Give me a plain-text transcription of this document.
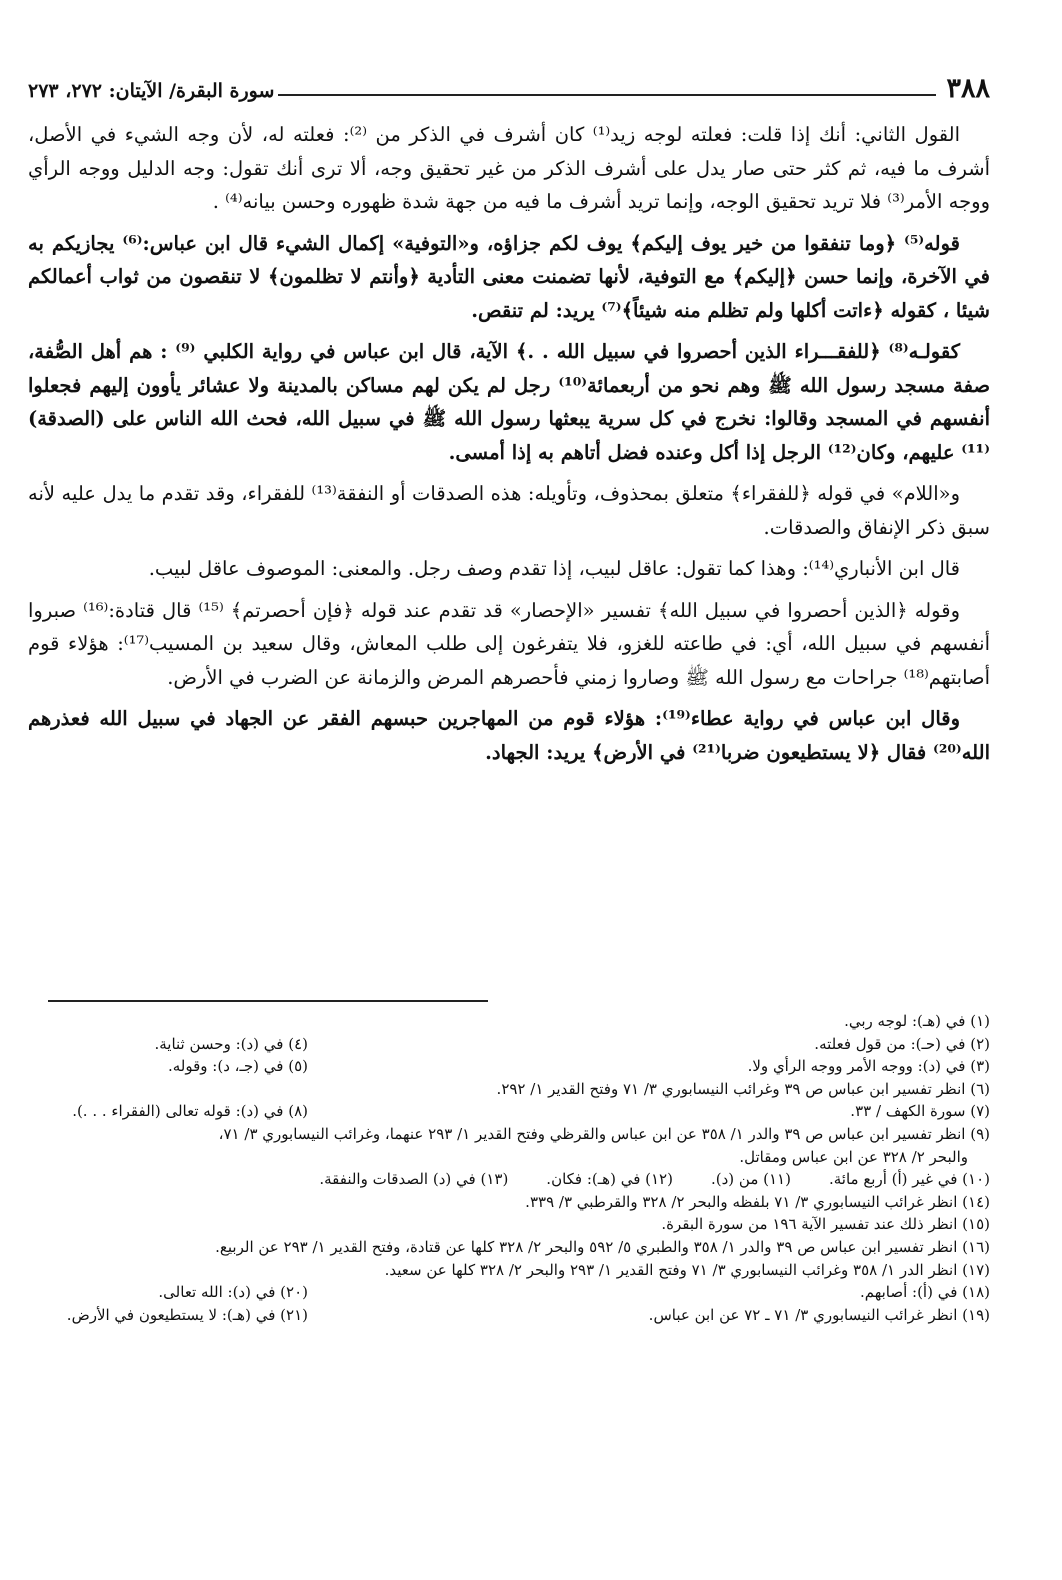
٣٨٨
سورة البقرة/ الآيتان: ٢٧٢، ٢٧٣

القول الثاني: أنك إذا قلت: فعلته لوجه زيد⁽¹⁾ كان أشرف في الذكر من ⁽²⁾: فعلته له، لأن وجه الشيء في الأصل، أشرف ما فيه، ثم كثر حتى صار يدل على أشرف الذكر من غير تحقيق وجه، ألا ترى أنك تقول: وجه الدليل ووجه الرأي ووجه الأمر⁽³⁾ فلا تريد تحقيق الوجه، وإنما تريد أشرف ما فيه من جهة شدة ظهوره وحسن بيانه⁽⁴⁾ .

قوله⁽⁵⁾ ﴿وما تنفقوا من خير يوف إليكم﴾ يوف لكم جزاؤه، و«التوفية» إكمال الشيء قال ابن عباس:⁽⁶⁾ يجازيكم به في الآخرة، وإنما حسن ﴿إليكم﴾ مع التوفية، لأنها تضمنت معنى التأدية ﴿وأنتم لا تظلمون﴾ لا تنقصون من ثواب أعمالكم شيئا ، كقوله ﴿ءاتت أكلها ولم تظلم منه شيئاً﴾⁽⁷⁾ يريد: لم تنقص.

كقولـه⁽⁸⁾ ﴿للفقـــراء الذين أحصروا في سبيل الله . .﴾ الآية، قال ابن عباس في رواية الكلبي ⁽⁹⁾ : هم أهل الصُّفة، صفة مسجد رسول الله ﷺ وهم نحو من أربعمائة⁽¹⁰⁾ رجل لم يكن لهم مساكن بالمدينة ولا عشائر يأوون إليهم فجعلوا أنفسهم في المسجد وقالوا: نخرج في كل سرية يبعثها رسول الله ﷺ في سبيل الله، فحث الله الناس على (الصدقة)⁽¹¹⁾ عليهم، وكان⁽¹²⁾ الرجل إذا أكل وعنده فضل أتاهم به إذا أمسى.

و«اللام» في قوله ﴿للفقراء﴾ متعلق بمحذوف، وتأويله: هذه الصدقات أو النفقة⁽¹³⁾ للفقراء، وقد تقدم ما يدل عليه لأنه سبق ذكر الإنفاق والصدقات.

قال ابن الأنباري⁽¹⁴⁾: وهذا كما تقول: عاقل لبيب، إذا تقدم وصف رجل. والمعنى: الموصوف عاقل لبيب.

وقوله ﴿الذين أحصروا في سبيل الله﴾ تفسير «الإحصار» قد تقدم عند قوله ﴿فإن أحصرتم﴾ ⁽¹⁵⁾ قال قتادة:⁽¹⁶⁾ صبروا أنفسهم في سبيل الله، أي: في طاعته للغزو، فلا يتفرغون إلى طلب المعاش، وقال سعيد بن المسيب⁽¹⁷⁾: هؤلاء قوم أصابتهم⁽¹⁸⁾ جراحات مع رسول الله ﷺ وصاروا زمني فأحصرهم المرض والزمانة عن الضرب في الأرض.

وقال ابن عباس في رواية عطاء⁽¹⁹⁾: هؤلاء قوم من المهاجرين حبسهم الفقر عن الجهاد في سبيل الله فعذرهم الله⁽²⁰⁾ فقال ﴿لا يستطيعون ضربا⁽²¹⁾ في الأرض﴾ يريد: الجهاد.

(١) في (هـ): لوجه ربي.
(٢) في (حـ): من قول فعلته.
(٤) في (د): وحسن ثناية.
(٣) في (د): ووجه الأمر ووجه الرأي ولا.
(٥) في (جـ، د): وقوله.
(٦) انظر تفسير ابن عباس ص ٣٩ وغرائب النيسابوري ٣/ ٧١ وفتح القدير ١/ ٢٩٢.
(٧) سورة الكهف / ٣٣.
(٨) في (د): قوله تعالى (الفقراء . . .).
(٩) انظر تفسير ابن عباس ص ٣٩ والدر ١/ ٣٥٨ عن ابن عباس والقرظي وفتح القدير ١/ ٢٩٣ عنهما، وغرائب النيسابوري ٣/ ٧١،
والبحر ٢/ ٣٢٨ عن ابن عباس ومقاتل.
(١٠) في غير (أ) أربع مائة.
(١١) من (د).
(١٢) في (هـ): فكان.
(١٣) في (د) الصدقات والنفقة.
(١٤) انظر غرائب النيسابوري ٣/ ٧١ بلفظه والبحر ٢/ ٣٢٨ والقرطبي ٣/ ٣٣٩.
(١٥) انظر ذلك عند تفسير الآية ١٩٦ من سورة البقرة.
(١٦) انظر تفسير ابن عباس ص ٣٩ والدر ١/ ٣٥٨ والطبري ٥/ ٥٩٢ والبحر ٢/ ٣٢٨ كلها عن قتادة، وفتح القدير ١/ ٢٩٣ عن الربيع.
(١٧) انظر الدر ١/ ٣٥٨ وغرائب النيسابوري ٣/ ٧١ وفتح القدير ١/ ٢٩٣ والبحر ٢/ ٣٢٨ كلها عن سعيد.
(١٨) في (أ): أصابهم.
(٢٠) في (د): الله تعالى.
(١٩) انظر غرائب النيسابوري ٣/ ٧١ ـ ٧٢ عن ابن عباس.
(٢١) في (هـ): لا يستطيعون في الأرض.
